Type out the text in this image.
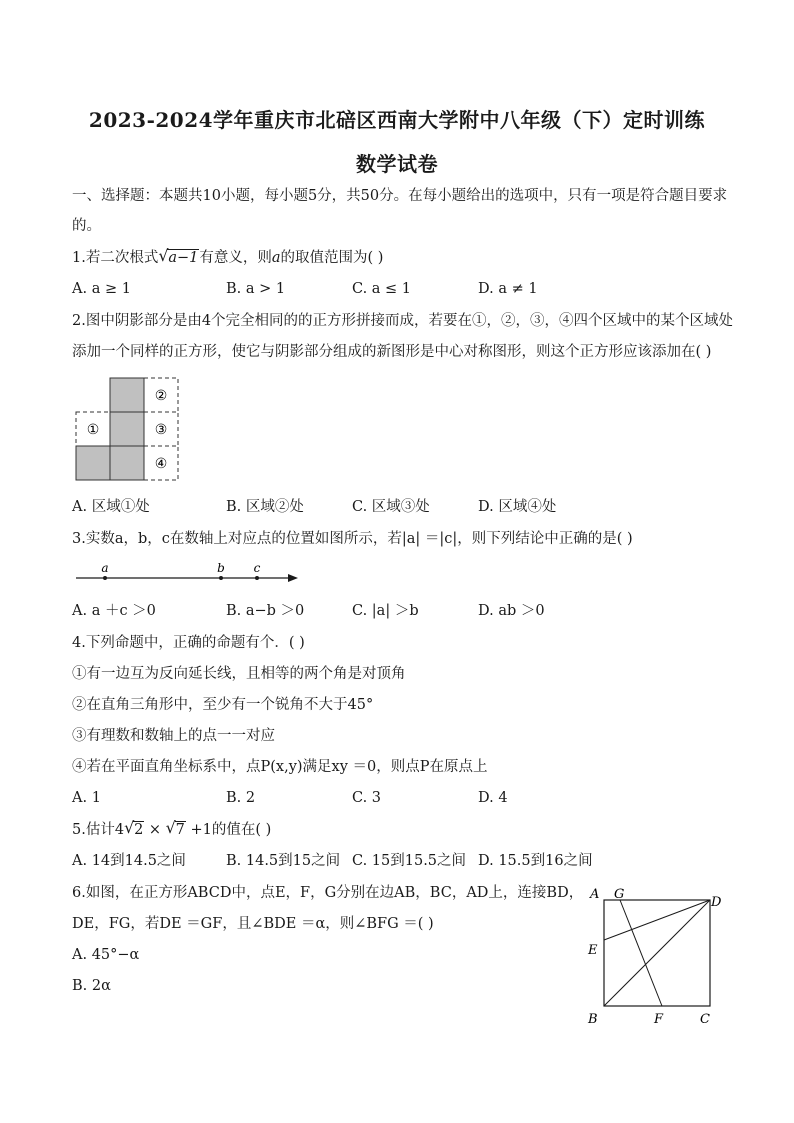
2023-2024学年重庆市北碚区西南大学附中八年级（下）定时训练
数学试卷
一、选择题：本题共10小题，每小题5分，共50分。在每小题给出的选项中，只有一项是符合题目要求
的。
1.若二次根式 √ a−1有意义，则a的取值范围为( )
A. a ≥ 1	B. a > 1	C. a ≤ 1	D. a ≠ 1
2.图中阴影部分是由4个完全相同的的正方形拼接而成，若要在①，②，③，④四个区域中的某个区域处
添加一个同样的正方形，使它与阴影部分组成的新图形是中心对称图形，则这个正方形应该添加在( )
①
②
③
④
A. 区域①处	B. 区域②处	C. 区域③处	D. 区域④处
3.实数a，b，c在数轴上对应点的位置如图所示，若|a| ＝|c|，则下列结论中正确的是( )
a	b c
A. a ＋c ＞0	B. a−b ＞0	C. |a| ＞b	D. ab ＞0
4.下列命题中，正确的命题有个．( )
①有一边互为反向延长线，且相等的两个角是对顶角
②在直角三角形中，至少有一个锐角不大于45°
③有理数和数轴上的点一一对应
④若在平面直角坐标系中，点P(x,y)满足xy ＝0，则点P在原点上
A. 1	B. 2	C. 3	D. 4
5.估计4 √ 2 × √ 7 +1的值在( )
A. 14到14.5之间	B. 14.5到15之间 C. 15到15.5之间 D. 15.5到16之间
6.如图，在正方形ABCD中，点E，F，G分别在边AB，BC，AD上，连接BD，
DE，FG，若DE ＝GF，且∠BDE ＝α，则∠BFG ＝( )
A. 45°−α
B. 2α
A G
D
E
B	F	C
